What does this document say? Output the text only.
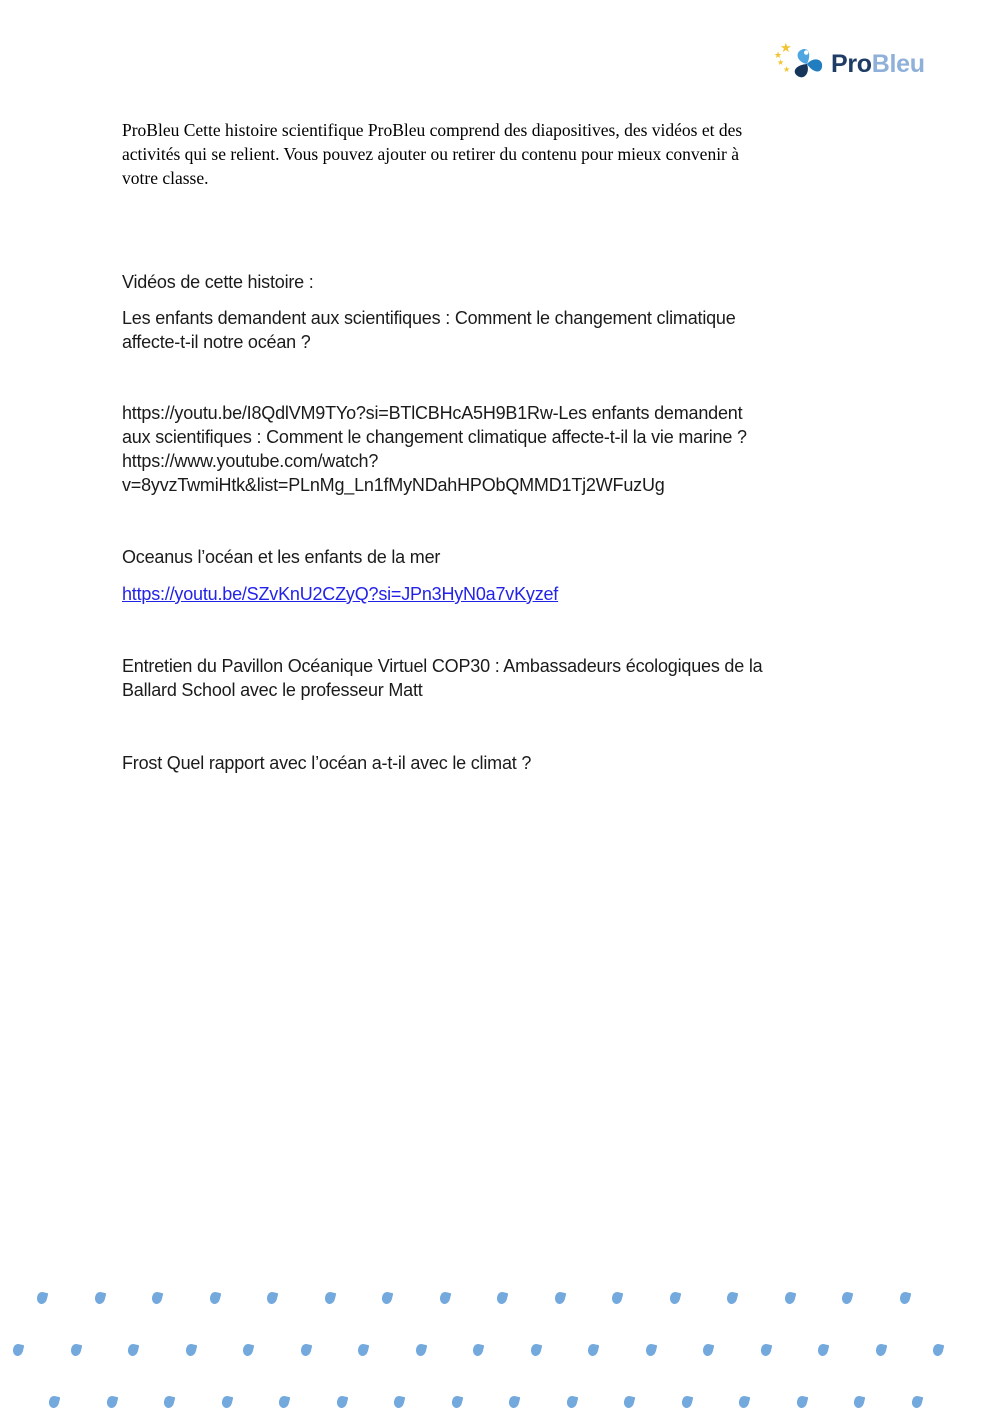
★
★
★
★ ProBleu
ProBleu Cette histoire scientifique ProBleu comprend des diapositives, des vidéos et des
activités qui se relient. Vous pouvez ajouter ou retirer du contenu pour mieux convenir à
votre classe.
Vidéos de cette histoire :
Les enfants demandent aux scientifiques : Comment le changement climatique
affecte-t-il notre océan ?
https://youtu.be/I8QdlVM9TYo?si=BTlCBHcA5H9B1Rw-Les enfants demandent
aux scientifiques : Comment le changement climatique affecte-t-il la vie marine ?
https://www.youtube.com/watch?
v=8yvzTwmiHtk&list=PLnMg_Ln1fMyNDahHPObQMMD1Tj2WFuzUg
Oceanus l’océan et les enfants de la mer
https://youtu.be/SZvKnU2CZyQ?si=JPn3HyN0a7vKyzef
Entretien du Pavillon Océanique Virtuel COP30 : Ambassadeurs écologiques de la
Ballard School avec le professeur Matt
Frost Quel rapport avec l’océan a-t-il avec le climat ?
